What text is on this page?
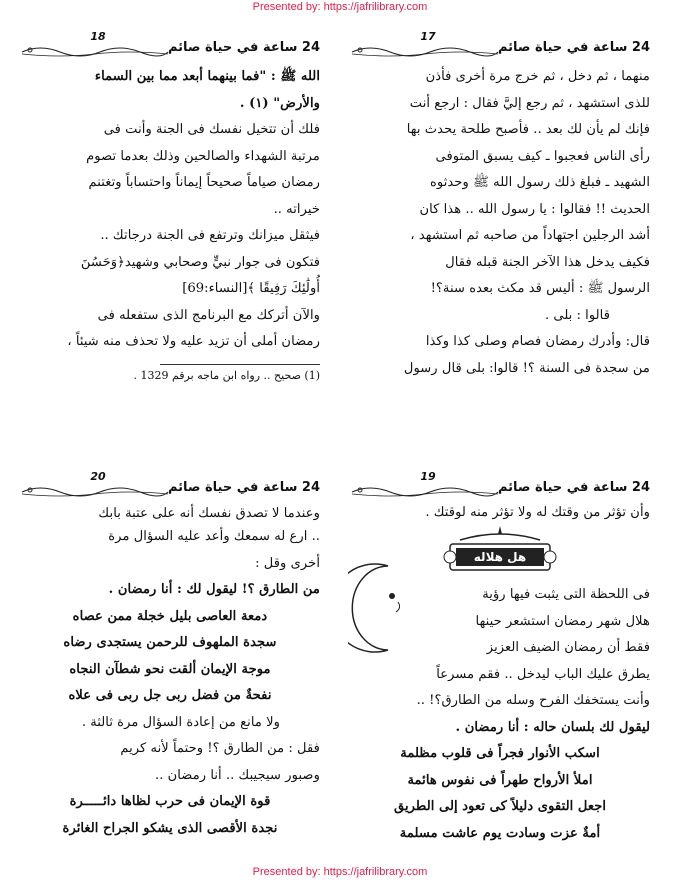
Presented by: https://jafrilibrary.com
24 ساعة في حياة صائم
17

منهما ، ثم دخل ، ثم خرج مرة أخرى فأذن

للذى استشهد ، ثم رجع إليَّ فقال : ارجع أنت

فإنك لم يأن لك بعد .. فأصبح طلحة يحدث بها

رأى الناس فعجبوا ـ كيف يسبق المتوفى

الشهيد ـ فبلغ ذلك رسول الله ﷺ وحدثوه

الحديث !! فقالوا : يا رسول الله .. هذا كان

أشد الرجلين اجتهاداً من صاحبه ثم استشهد ،

فكيف يدخل هذا الآخر الجنة قبله فقال

الرسول ﷺ : أليس قد مكث بعده سنة؟!

قالوا : بلى .

قال: وأدرك رمضان فصام وصلى كذا وكذا

من سجدة فى السنة ؟! قالوا: بلى قال رسول

24 ساعة في حياة صائم
18

الله ﷺ : "فما بينهما أبعد مما بين السماء

والأرض" (١) .

فلك أن تتخيل نفسك فى الجنة وأنت فى

مرتبة الشهداء والصالحين وذلك بعدما تصوم

رمضان صياماً صحيحاً إيماناً واحتساباً وتغتنم

خيراته ..

فيثقل ميزانك وترتفع فى الجنة درجاتك ..

فتكون فى جوار نبيٍّ وصحابي وشهيد﴿وَحَسُنَ

أُولَٰئِكَ رَفِيقًا ﴾[النساء:69]

والآن أتركك مع البرنامج الذى ستفعله فى

رمضان أملى أن تزيد عليه ولا تحذف منه شيئاً ،

(1) صحيح .. رواه ابن ماجه برقم 1329 .
24 ساعة في حياة صائم
19

وأن تؤثر من وقتك له ولا تؤثر منه لوقتك .

هل هلاله

فى اللحظة التى يثبت فيها رؤية

هلال شهر رمضان استشعر حينها

فقط أن رمضان الضيف العزيز

يطرق عليك الباب ليدخل .. فقم مسرعاً

وأنت يستخفك الفرح وسله من الطارق؟! ..

ليقول لك بلسان حاله : أنا رمضان .

اسكب الأنوار فجراً فى قلوب مظلمة

املأ الأرواح طهراً فى نفوس هائمة

اجعل التقوى دليلاً كى تعود إلى الطريق

أمةٌ عزت وسادت يوم عاشت مسلمة

24 ساعة في حياة صائم
20

وعندما لا تصدق نفسك أنه على عتبة بابك

.. ارع له سمعك وأعد عليه السؤال مرة

أخرى وقل :

من الطارق ؟! ليقول لك : أنا رمضان .

دمعة العاصى بليل خجلة ممن عصاه

سجدة الملهوف للرحمن يستجدى رضاه

موجة الإيمان ألقت نحو شطآن النجاه

نفحةٌ من فضل ربى جل ربى فى علاه

ولا مانع من إعادة السؤال مرة ثالثة .

فقل : من الطارق ؟! وحتماً لأنه كريم

وصبور سيجيبك .. أنا رمضان ..

قوة الإيمان فى حرب لظاها دائـــــرة

نجدة الأقصى الذى يشكو الجراح الغائرة

Presented by: https://jafrilibrary.com
